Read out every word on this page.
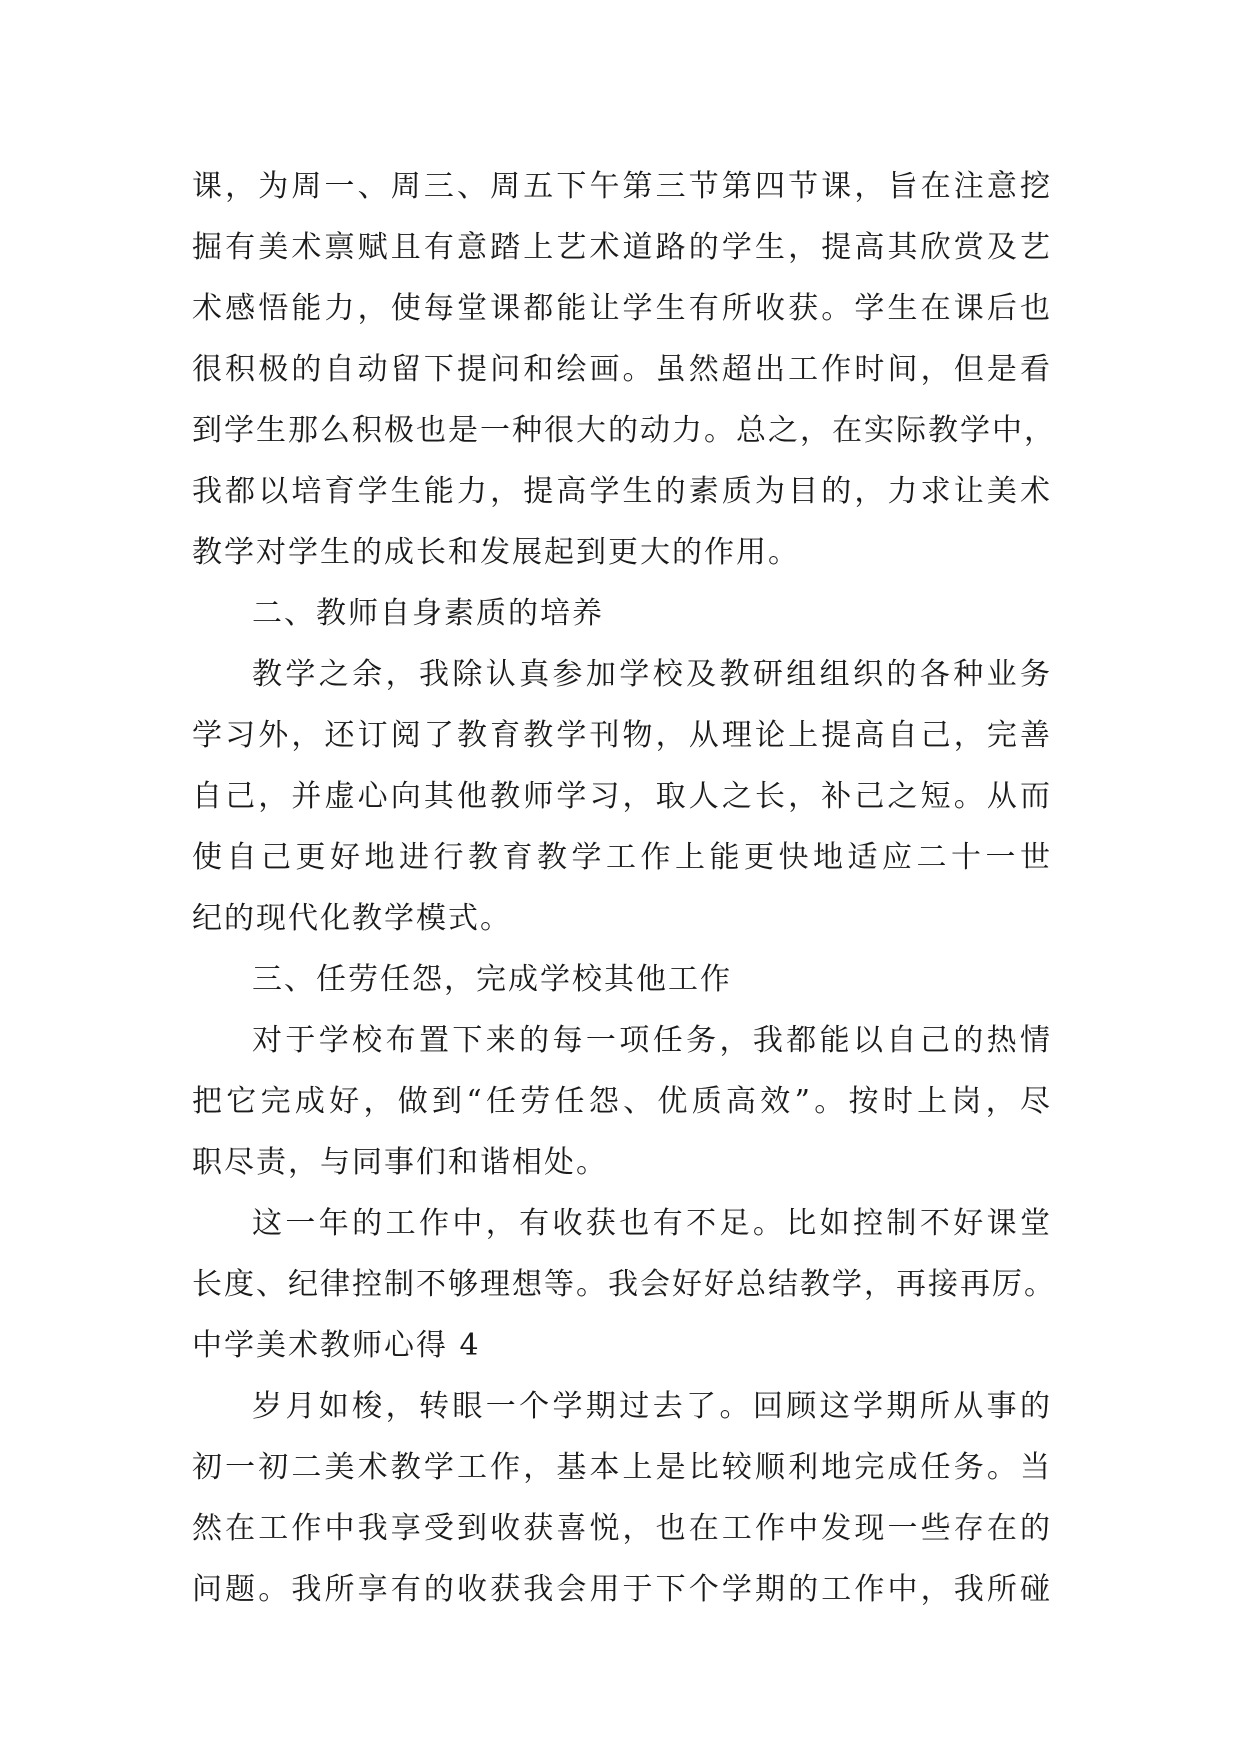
课，为周一、周三、周五下午第三节第四节课，旨在注意挖
掘有美术禀赋且有意踏上艺术道路的学生，提高其欣赏及艺
术感悟能力，使每堂课都能让学生有所收获。学生在课后也
很积极的自动留下提问和绘画。虽然超出工作时间，但是看
到学生那么积极也是一种很大的动力。总之，在实际教学中，
我都以培育学生能力，提高学生的素质为目的，力求让美术
教学对学生的成长和发展起到更大的作用。
二、教师自身素质的培养
教学之余，我除认真参加学校及教研组组织的各种业务
学习外，还订阅了教育教学刊物，从理论上提高自己，完善
自己，并虚心向其他教师学习，取人之长，补己之短。从而
使自己更好地进行教育教学工作上能更快地适应二十一世
纪的现代化教学模式。
三、任劳任怨，完成学校其他工作
对于学校布置下来的每一项任务，我都能以自己的热情
把它完成好，做到“任劳任怨、优质高效”。按时上岗，尽
职尽责，与同事们和谐相处。
这一年的工作中，有收获也有不足。比如控制不好课堂
长度、纪律控制不够理想等。我会好好总结教学，再接再厉。
中学美术教师心得 4
岁月如梭，转眼一个学期过去了。回顾这学期所从事的
初一初二美术教学工作，基本上是比较顺利地完成任务。当
然在工作中我享受到收获喜悦，也在工作中发现一些存在的
问题。我所享有的收获我会用于下个学期的工作中，我所碰
